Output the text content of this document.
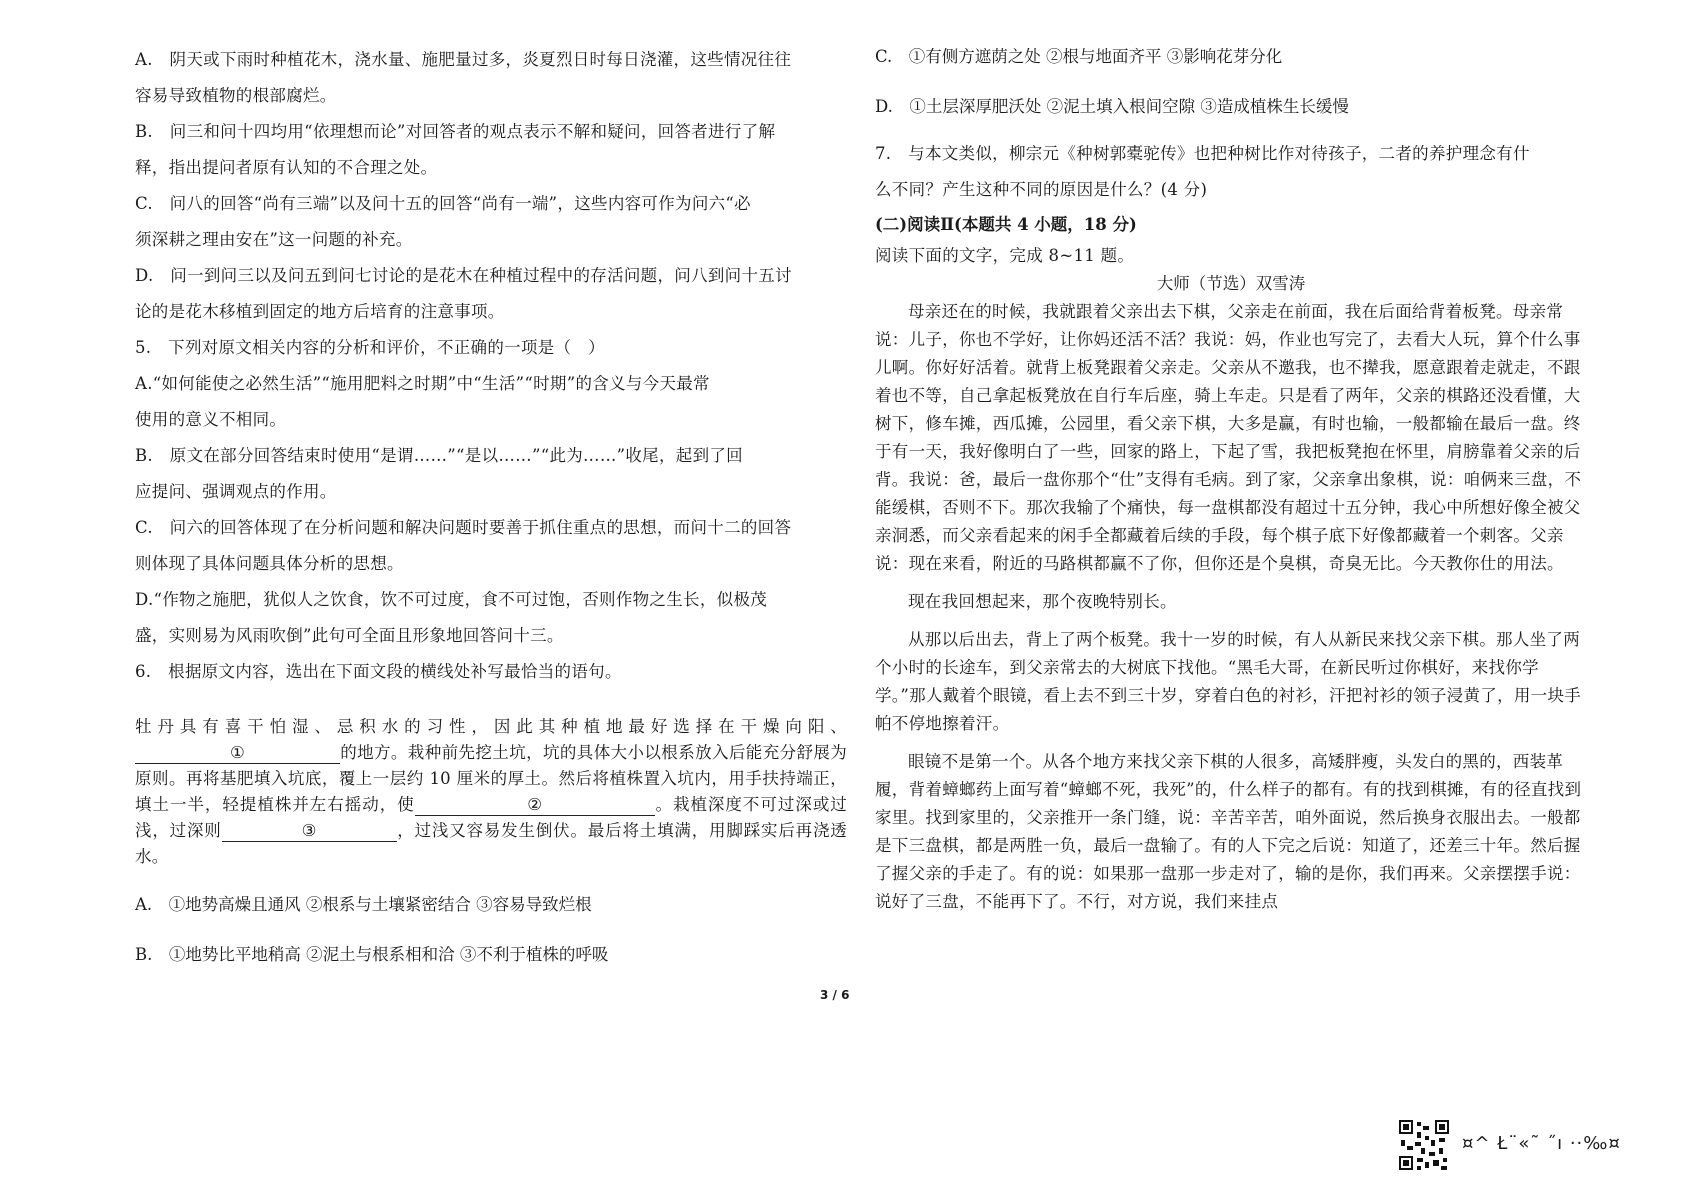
A.　阴天或下雨时种植花木，浇水量、施肥量过多，炎夏烈日时每日浇灌，这些情况往往
容易导致植物的根部腐烂。

B.　问三和问十四均用“依理想而论”对回答者的观点表示不解和疑问，回答者进行了解
释，指出提问者原有认知的不合理之处。

C.　问八的回答“尚有三端”以及问十五的回答“尚有一端”，这些内容可作为问六“必
须深耕之理由安在”这一问题的补充。

D.　问一到问三以及问五到问七讨论的是花木在种植过程中的存活问题，问八到问十五讨
论的是花木移植到固定的地方后培育的注意事项。

5.　下列对原文相关内容的分析和评价，不正确的一项是（　）

A.“如何能使之必然生活”“施用肥料之时期”中“生活”“时期”的含义与今天最常
使用的意义不相同。

B.　原文在部分回答结束时使用“是谓……”“是以……”“此为……”收尾，起到了回
应提问、强调观点的作用。

C.　问六的回答体现了在分析问题和解决问题时要善于抓住重点的思想，而问十二的回答
则体现了具体问题具体分析的思想。

D.“作物之施肥，犹似人之饮食，饮不可过度，食不可过饱，否则作物之生长，似极茂
盛，实则易为风雨吹倒”此句可全面且形象地回答问十三。

6.　根据原文内容，选出在下面文段的横线处补写最恰当的语句。

牡丹具有喜干怕湿、忌积水的习性，因此其种植地最好选择在干燥向阳、①	的地方。栽种前先挖土坑，坑的具体大小以根系放入后能充分舒展为原则。再将基肥填入坑底，覆上一层约 10 厘米的厚土。然后将植株置入坑内，用手扶持端正，填土一半，轻提植株并左右摇动，使	②	。栽植深度不可过深或过浅，过深则	③	，过浅又容易发生倒伏。最后将土填满，用脚踩实后再浇透水。

A.　①地势高燥且通风 ②根系与土壤紧密结合 ③容易导致烂根

B.　①地势比平地稍高 ②泥土与根系相和洽 ③不利于植株的呼吸

C.　①有侧方遮荫之处 ②根与地面齐平 ③影响花芽分化

D.　①土层深厚肥沃处 ②泥土填入根间空隙 ③造成植株生长缓慢

7.　与本文类似，柳宗元《种树郭橐驼传》也把种树比作对待孩子，二者的养护理念有什
么不同？产生这种不同的原因是什么？(4 分)

(二)阅读Ⅱ(本题共 4 小题，18 分)

阅读下面的文字，完成 8~11 题。

大师（节选）双雪涛

母亲还在的时候，我就跟着父亲出去下棋，父亲走在前面，我在后面给背着板凳。母亲常说：儿子，你也不学好，让你妈还活不活？我说：妈，作业也写完了，去看大人玩，算个什么事儿啊。你好好活着。就背上板凳跟着父亲走。父亲从不邀我，也不撵我，愿意跟着走就走，不跟着也不等，自己拿起板凳放在自行车后座，骑上车走。只是看了两年，父亲的棋路还没看懂，大树下，修车摊，西瓜摊，公园里，看父亲下棋，大多是赢，有时也输，一般都输在最后一盘。终于有一天，我好像明白了一些，回家的路上，下起了雪，我把板凳抱在怀里，肩膀靠着父亲的后背。我说：爸，最后一盘你那个“仕”支得有毛病。到了家，父亲拿出象棋，说：咱俩来三盘，不能缓棋，否则不下。那次我输了个痛快，每一盘棋都没有超过十五分钟，我心中所想好像全被父亲洞悉，而父亲看起来的闲手全都藏着后续的手段，每个棋子底下好像都藏着一个刺客。父亲说：现在来看，附近的马路棋都赢不了你，但你还是个臭棋，奇臭无比。今天教你仕的用法。

现在我回想起来，那个夜晚特别长。

从那以后出去，背上了两个板凳。我十一岁的时候，有人从新民来找父亲下棋。那人坐了两个小时的长途车，到父亲常去的大树底下找他。“黑毛大哥，在新民听过你棋好，来找你学学。”那人戴着个眼镜，看上去不到三十岁，穿着白色的衬衫，汗把衬衫的领子浸黄了，用一块手帕不停地擦着汗。

眼镜不是第一个。从各个地方来找父亲下棋的人很多，高矮胖瘦，头发白的黑的，西装革履，背着蟑螂药上面写着“蟑螂不死，我死”的，什么样子的都有。有的找到棋摊，有的径直找到家里。找到家里的，父亲推开一条门缝，说：辛苦辛苦，咱外面说，然后换身衣服出去。一般都是下三盘棋，都是两胜一负，最后一盘输了。有的人下完之后说：知道了，还差三十年。然后握了握父亲的手走了。有的说：如果那一盘那一步走对了，输的是你，我们再来。父亲摆摆手说：说好了三盘，不能再下了。不行，对方说，我们来挂点

3 / 6
¤^ Ł¨«˜ ˝ı ··‰¤
